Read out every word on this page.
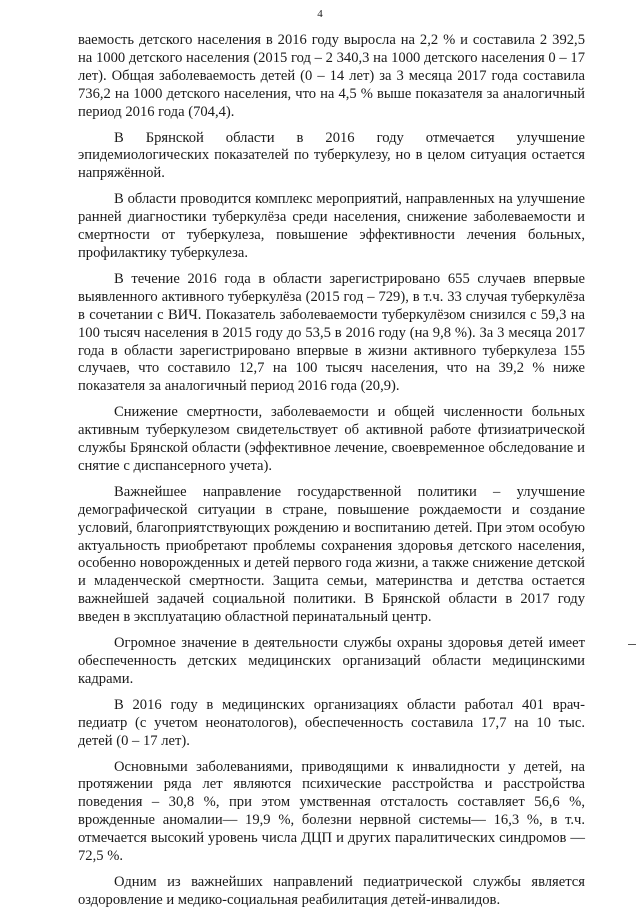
4

ваемость детского населения в 2016 году выросла на 2,2 % и составила 2 392,5 на 1000 детского населения (2015 год – 2 340,3 на 1000 детского населения 0 – 17 лет). Общая заболеваемость детей (0 – 14 лет) за 3 месяца 2017 года составила 736,2 на 1000 детского населения, что на 4,5 % выше показателя за аналогичный период 2016 года (704,4).

В Брянской области в 2016 году отмечается улучшение эпидемиологических показателей по туберкулезу, но в целом ситуация остается напряжённой.

В области проводится комплекс мероприятий, направленных на улучшение ранней диагностики туберкулёза среди населения, снижение заболеваемости и смертности от туберкулеза, повышение эффективности лечения больных, профилактику туберкулеза.

В течение 2016 года в области зарегистрировано 655 случаев впервые выявленного активного туберкулёза (2015 год – 729), в т.ч. 33 случая туберкулёза в сочетании с ВИЧ. Показатель заболеваемости туберкулёзом снизился с 59,3 на 100 тысяч населения в 2015 году до 53,5 в 2016 году (на 9,8 %). За 3 месяца 2017 года в области зарегистрировано впервые в жизни активного туберкулеза 155 случаев, что составило 12,7 на 100 тысяч населения, что на 39,2 % ниже показателя за аналогичный период 2016 года (20,9).

Снижение смертности, заболеваемости и общей численности больных активным туберкулезом свидетельствует об активной работе фтизиатрической службы Брянской области (эффективное лечение, своевременное обследование и снятие с диспансерного учета).

Важнейшее направление государственной политики – улучшение демографической ситуации в стране, повышение рождаемости и создание условий, благоприятствующих рождению и воспитанию детей. При этом особую актуальность приобретают проблемы сохранения здоровья детского населения, особенно новорожденных и детей первого года жизни, а также снижение детской и младенческой смертности. Защита семьи, материнства и детства остается важнейшей задачей социальной политики. В Брянской области в 2017 году введен в эксплуатацию областной перинатальный центр.

Огромное значение в деятельности службы охраны здоровья детей имеет обеспеченность детских медицинских организаций области медицинскими кадрами.

В 2016 году в медицинских организациях области работал 401 врач-педиатр (с учетом неонатологов), обеспеченность составила 17,7 на 10 тыс. детей (0 – 17 лет).

Основными заболеваниями, приводящими к инвалидности у детей, на протяжении ряда лет являются психические расстройства и расстройства поведения – 30,8 %, при этом умственная отсталость составляет 56,6 %, врожденные аномалии— 19,9 %, болезни нервной системы— 16,3 %, в т.ч. отмечается высокий уровень числа ДЦП и других паралитических синдромов — 72,5 %.

Одним из важнейших направлений педиатрической службы является оздоровление и медико-социальная реабилитация детей-инвалидов.
